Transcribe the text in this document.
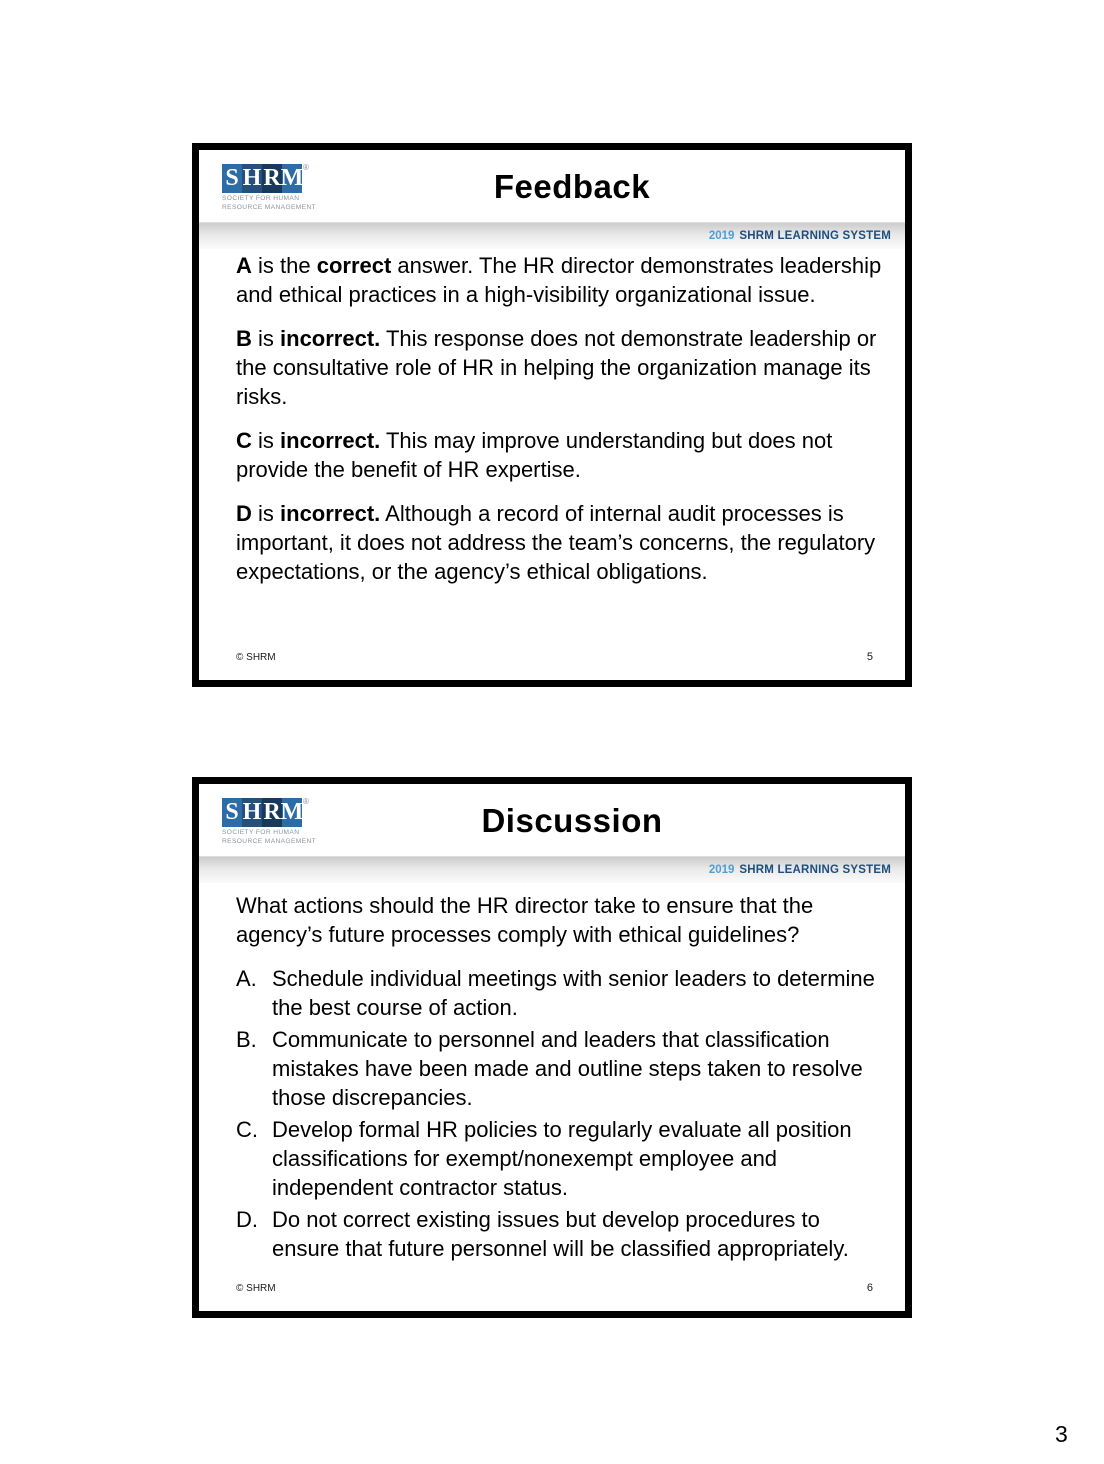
S H R M ®
SOCIETY FOR HUMAN
RESOURCE MANAGEMENT
Feedback
2019 SHRM LEARNING SYSTEM

A is the correct answer. The HR director demonstrates leadership and ethical practices in a high-visibility organizational issue.

B is incorrect. This response does not demonstrate leadership or the consultative role of HR in helping the organization manage its risks.

C is incorrect. This may improve understanding but does not provide the benefit of HR expertise.

D is incorrect. Although a record of internal audit processes is important, it does not address the team’s concerns, the regulatory expectations, or the agency’s ethical obligations.

© SHRM	5
S H R M ®
SOCIETY FOR HUMAN
RESOURCE MANAGEMENT
Discussion
2019 SHRM LEARNING SYSTEM

What actions should the HR director take to ensure that the agency’s future processes comply with ethical guidelines?

A. Schedule individual meetings with senior leaders to determine the best course of action.
B. Communicate to personnel and leaders that classification mistakes have been made and outline steps taken to resolve those discrepancies.
C. Develop formal HR policies to regularly evaluate all position classifications for exempt/nonexempt employee and independent contractor status.
D. Do not correct existing issues but develop procedures to ensure that future personnel will be classified appropriately.
© SHRM	6
3
